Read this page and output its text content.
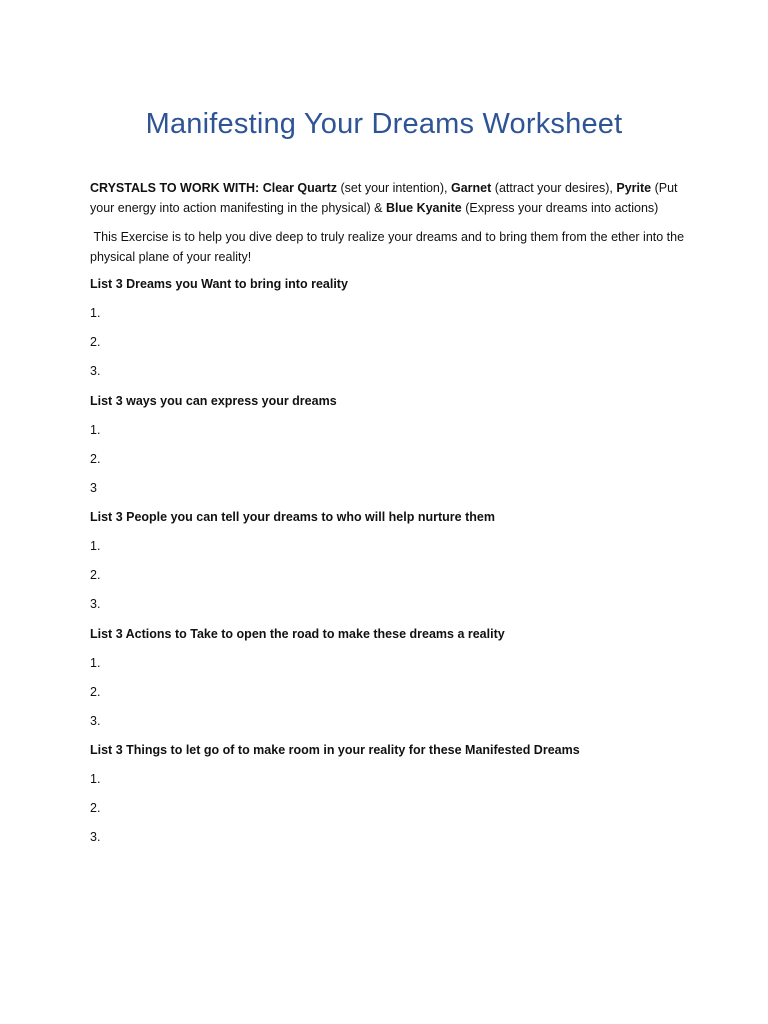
Manifesting Your Dreams Worksheet
CRYSTALS TO WORK WITH: Clear Quartz (set your intention), Garnet (attract your desires), Pyrite (Put your energy into action manifesting in the physical) & Blue Kyanite (Express your dreams into actions)
This Exercise is to help you dive deep to truly realize your dreams and to bring them from the ether into the physical plane of your reality!

List 3 Dreams you Want to bring into reality

1.
2.
3.

List 3 ways you can express your dreams

1.
2.
3

List 3 People you can tell your dreams to who will help nurture them

1.
2.
3.

List 3 Actions to Take to open the road to make these dreams a reality

1.
2.
3.

List 3 Things to let go of to make room in your reality for these Manifested Dreams

1.
2.
3.
